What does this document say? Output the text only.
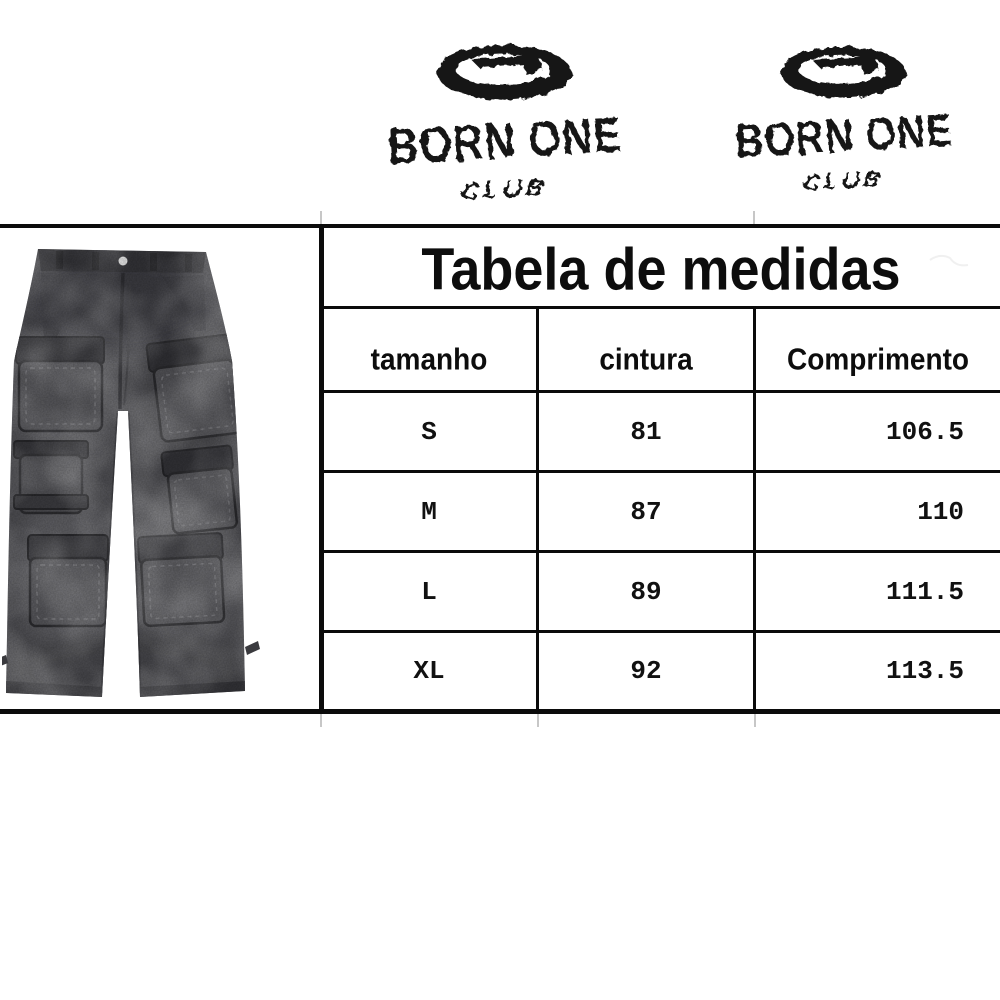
BORN ONE
CLUB
BORN ONE
CLUB
Tabela de medidas
tamanho	cintura	Comprimento
S	81	106.5
M	87	110
L	89	111.5
XL	92	113.5
